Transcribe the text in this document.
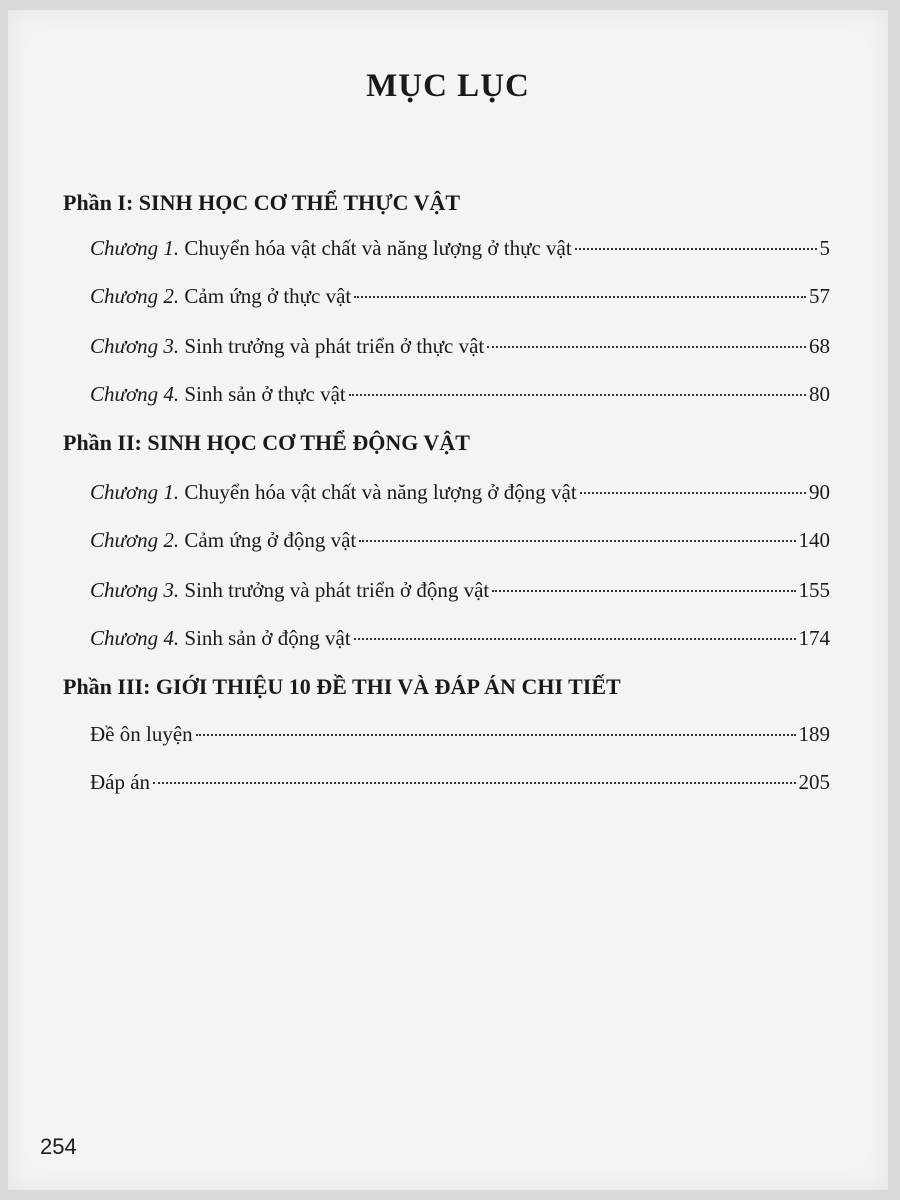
MỤC LỤC
Phần I: SINH HỌC CƠ THỂ THỰC VẬT
Chương 1. Chuyển hóa vật chất và năng lượng ở thực vật	5
Chương 2. Cảm ứng ở thực vật	57
Chương 3. Sinh trưởng và phát triển ở thực vật	68
Chương 4. Sinh sản ở thực vật	80
Phần II: SINH HỌC CƠ THỂ ĐỘNG VẬT
Chương 1. Chuyển hóa vật chất và năng lượng ở động vật	90
Chương 2. Cảm ứng ở động vật	140
Chương 3. Sinh trưởng và phát triển ở động vật	155
Chương 4. Sinh sản ở động vật	174
Phần III: GIỚI THIỆU 10 ĐỀ THI VÀ ĐÁP ÁN CHI TIẾT
Đề ôn luyện	189
Đáp án	205
254
